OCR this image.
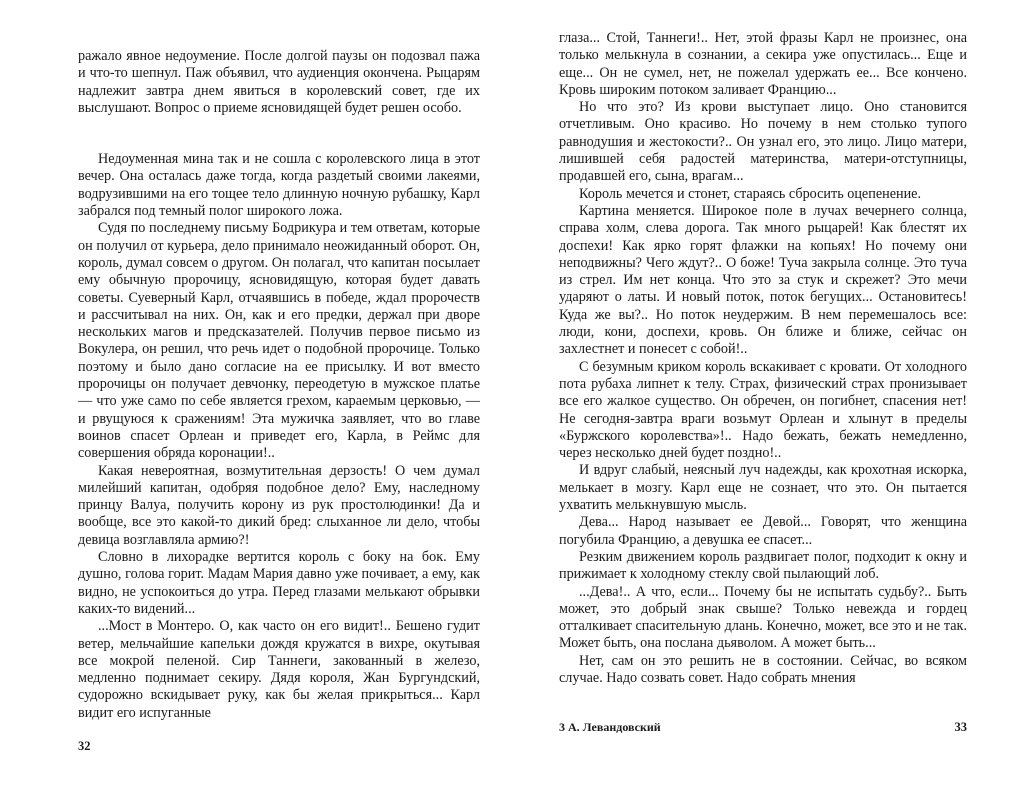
ражало явное недоумение. После долгой паузы он подозвал пажа и что-то шепнул. Паж объявил, что аудиенция окончена. Рыцарям надлежит завтра днем явиться в королевский совет, где их выслушают. Вопрос о приеме ясновидящей будет решен особо.

Недоуменная мина так и не сошла с королевского лица в этот вечер. Она осталась даже тогда, когда раздетый своими лакеями, водрузившими на его тощее тело длинную ночную рубашку, Карл забрался под темный полог широкого ложа.

Судя по последнему письму Бодрикура и тем ответам, которые он получил от курьера, дело принимало неожиданный оборот. Он, король, думал совсем о другом. Он полагал, что капитан посылает ему обычную пророчицу, ясновидящую, которая будет давать советы. Суеверный Карл, отчаявшись в победе, ждал пророчеств и рассчитывал на них. Он, как и его предки, держал при дворе нескольких магов и предсказателей. Получив первое письмо из Вокулера, он решил, что речь идет о подобной пророчице. Только поэтому и было дано согласие на ее присылку. И вот вместо пророчицы он получает девчонку, переодетую в мужское платье — что уже само по себе является грехом, караемым церковью, — и рвущуюся к сражениям! Эта мужичка заявляет, что во главе воинов спасет Орлеан и приведет его, Карла, в Реймс для совершения обряда коронации!..

Какая невероятная, возмутительная дерзость! О чем думал милейший капитан, одобряя подобное дело? Ему, наследному принцу Валуа, получить корону из рук простолюдинки! Да и вообще, все это какой-то дикий бред: слыханное ли дело, чтобы девица возглавляла армию?!

Словно в лихорадке вертится король с боку на бок. Ему душно, голова горит. Мадам Мария давно уже почивает, а ему, как видно, не успокоиться до утра. Перед глазами мелькают обрывки каких-то видений...

...Мост в Монтеро. О, как часто он его видит!.. Бешено гудит ветер, мельчайшие капельки дождя кружатся в вихре, окутывая все мокрой пеленой. Сир Таннеги, закованный в железо, медленно поднимает секиру. Дядя короля, Жан Бургундский, судорожно вскидывает руку, как бы желая прикрыться... Карл видит его испуганные

32

глаза... Стой, Таннеги!.. Нет, этой фразы Карл не произнес, она только мелькнула в сознании, а секира уже опустилась... Еще и еще... Он не сумел, нет, не пожелал удержать ее... Все кончено. Кровь широким потоком заливает Францию...

Но что это? Из крови выступает лицо. Оно становится отчетливым. Оно красиво. Но почему в нем столько тупого равнодушия и жестокости?.. Он узнал его, это лицо. Лицо матери, лишившей себя радостей материнства, матери-отступницы, продавшей его, сына, врагам...

Король мечется и стонет, стараясь сбросить оцепенение.

Картина меняется. Широкое поле в лучах вечернего солнца, справа холм, слева дорога. Так много рыцарей! Как блестят их доспехи! Как ярко горят флажки на копьях! Но почему они неподвижны? Чего ждут?.. О боже! Туча закрыла солнце. Это туча из стрел. Им нет конца. Что это за стук и скрежет? Это мечи ударяют о латы. И новый поток, поток бегущих... Остановитесь! Куда же вы?.. Но поток неудержим. В нем перемешалось все: люди, кони, доспехи, кровь. Он ближе и ближе, сейчас он захлестнет и понесет с собой!..

С безумным криком король вскакивает с кровати. От холодного пота рубаха липнет к телу. Страх, физический страх пронизывает все его жалкое существо. Он обречен, он погибнет, спасения нет! Не сегодня-завтра враги возьмут Орлеан и хлынут в пределы «Буржского королевства»!.. Надо бежать, бежать немедленно, через несколько дней будет поздно!..

И вдруг слабый, неясный луч надежды, как крохотная искорка, мелькает в мозгу. Карл еще не сознает, что это. Он пытается ухватить мелькнувшую мысль.

Дева... Народ называет ее Девой... Говорят, что женщина погубила Францию, а девушка ее спасет...

Резким движением король раздвигает полог, подходит к окну и прижимает к холодному стеклу свой пылающий лоб.

...Дева!.. А что, если... Почему бы не испытать судьбу?.. Быть может, это добрый знак свыше? Только невежда и гордец отталкивает спасительную длань. Конечно, может, все это и не так. Может быть, она послана дьяволом. А может быть...

Нет, сам он это решить не в состоянии. Сейчас, во всяком случае. Надо созвать совет. Надо собрать мнения

3 А. Левандовский	33
